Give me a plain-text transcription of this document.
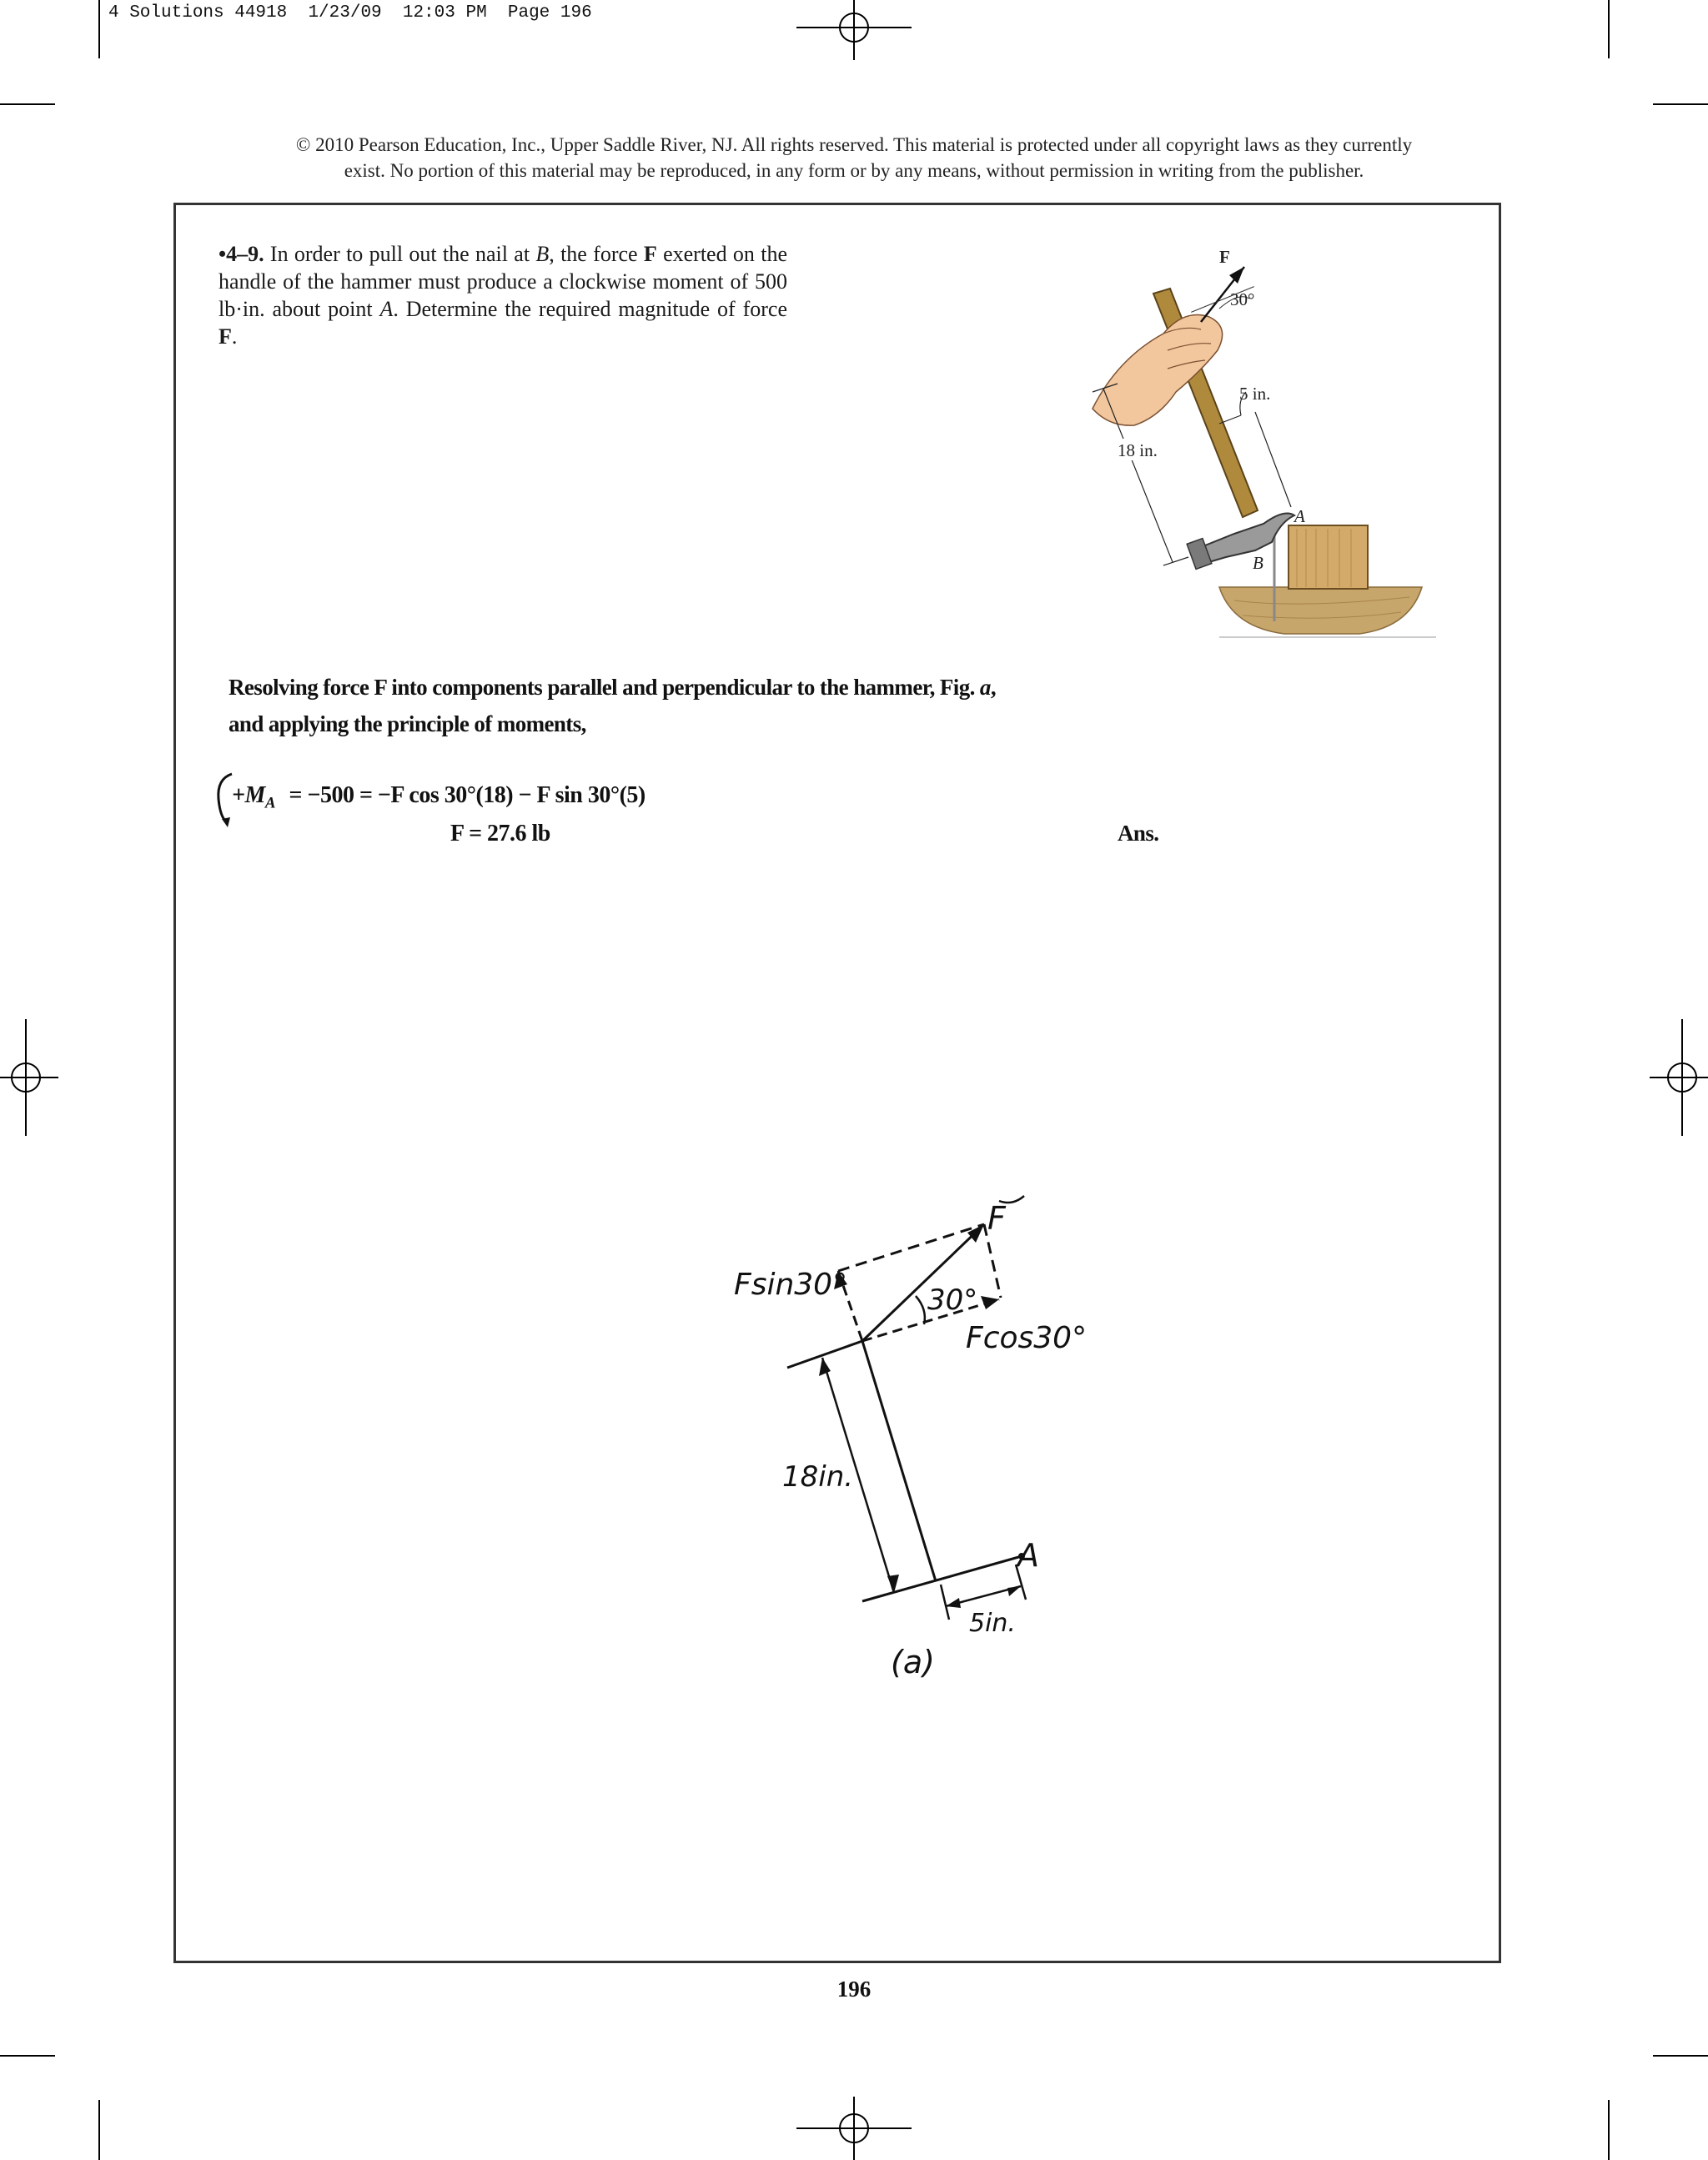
4 Solutions 44918  1/23/09  12:03 PM  Page 196
© 2010 Pearson Education, Inc., Upper Saddle River, NJ. All rights reserved. This material is protected under all copyright laws as they currently
exist. No portion of this material may be reproduced, in any form or by any means, without permission in writing from the publisher.
•4–9. In order to pull out the nail at B, the force F exerted on the handle of the hammer must produce a clockwise moment of 500 lb·in. about point A. Determine the required magnitude of force F.
F
30°
18 in.
5 in.
A
B
Resolving force F into components parallel and perpendicular to the hammer, Fig. a,
and applying the principle of moments,
$+M_A = -500 = -F$ cos 30°(18) − F sin 30°(5)
F = 27.6 lb	Ans.
F
Fsin30°
Fcos30°
30°
18in.
5in.
A
(a)
196
